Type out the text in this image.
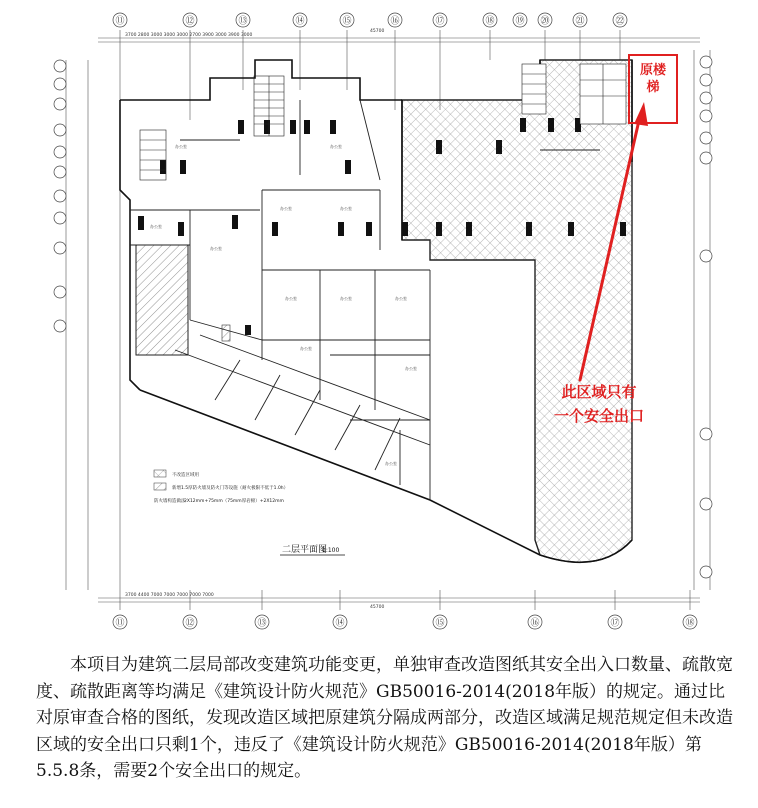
⑪	⑫	⑬	⑭	⑮	⑯	⑰	⑱ ⑲ ⑳	㉑	㉒
⑪	⑫	⑬	⑭	⑮	⑯	⑰	⑱
办公室
办公室
办公室	办公室
办公室	办公室	办公室
办公室
办公室
办公室
办公室	办公室
3700 2800 3000 3000 3000 2700 3900 3000 3900 3000
45700
3700 4400 7000 7000 7000 7000 7000
45700
不改造区域用
新增1.5厚防火墙及防火门等设施（耐火极限不低于1.0h）
防火墙构造做法
2X12mm+75mm（75mm厚岩棉）+2X12mm
二层平面图
1:100
原楼梯
此区域只有
一个安全出口

本项目为建筑二层局部改变建筑功能变更，单独审查改造图纸其安全出入口数量、疏散宽度、疏散距离等均满足《建筑设计防火规范》GB50016-2014(2018年版）的规定。通过比对原审查合格的图纸，发现改造区域把原建筑分隔成两部分，改造区域满足规范规定但未改造区域的安全出口只剩1个，违反了《建筑设计防火规范》GB50016-2014(2018年版）第5.5.8条，需要2个安全出口的规定。
